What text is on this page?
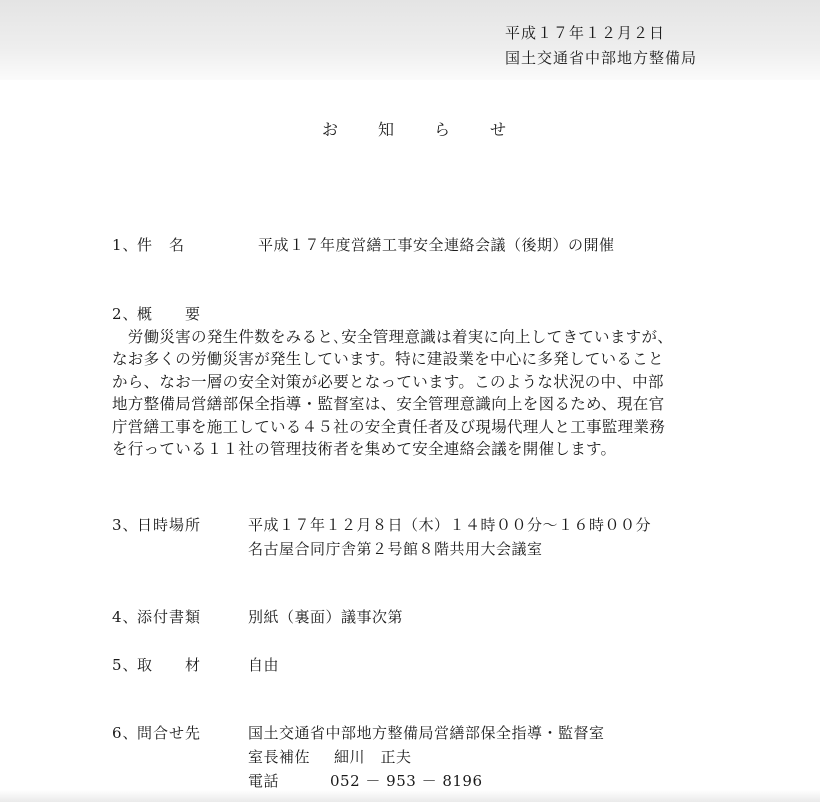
平成１７年１２月２日
国土交通省中部地方整備局
お	知	ら	せ
1、
件　名	平成１７年度営繕工事安全連絡会議（後期）の開催
2、
概　　要
　労働災害の発生件数をみると､安全管理意識は着実に向上してきていますが、
なお多くの労働災害が発生しています。特に建設業を中心に多発していること
から、なお一層の安全対策が必要となっています。このような状況の中、中部
地方整備局営繕部保全指導・監督室は、安全管理意識向上を図るため、現在官
庁営繕工事を施工している４５社の安全責任者及び現場代理人と工事監理業務
を行っている１１社の管理技術者を集めて安全連絡会議を開催します。
3、
日時場所	平成１７年１２月８日（木）１４時００分～１６時００分
名古屋合同庁舎第２号館８階共用大会議室
4、
添付書類	別紙（裏面）議事次第
5、
取　　材	自由
6、
問合せ先	国土交通省中部地方整備局営繕部保全指導・監督室
室長補佐 細川　正夫
電話	052 － 953 － 8196
